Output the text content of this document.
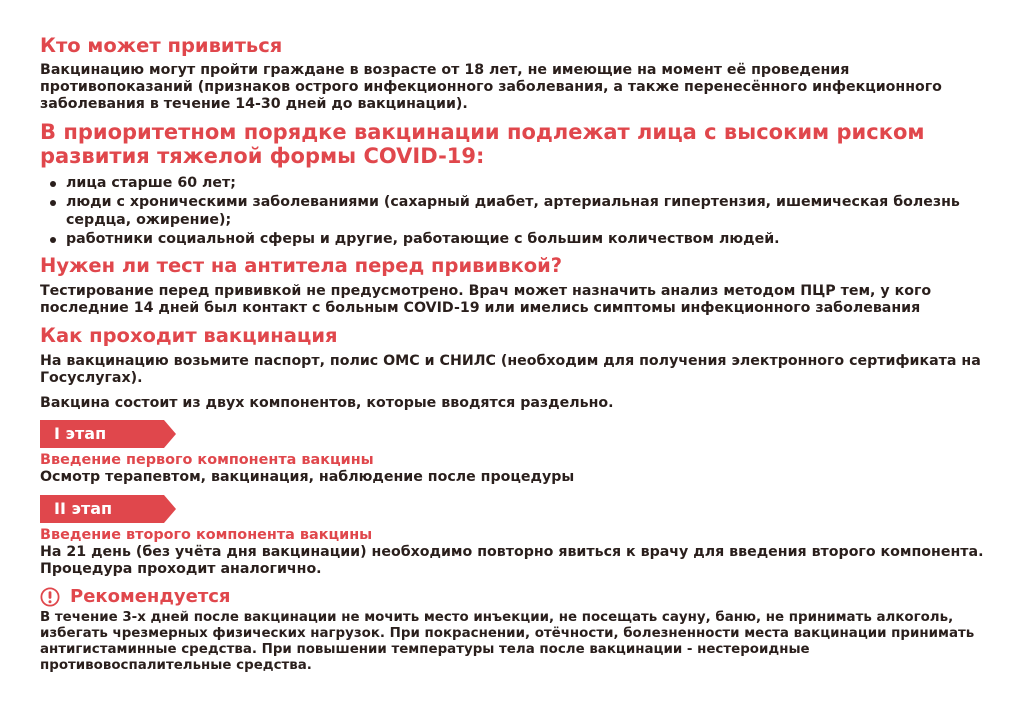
Кто может привиться

Вакцинацию могут пройти граждане в возрасте от 18 лет, не имеющие на момент её проведения противопоказаний (признаков острого инфекционного заболевания, а также перенесённого инфекционного заболевания в течение 14-30 дней до вакцинации).

В приоритетном порядке вакцинации подлежат лица с высоким риском развития тяжелой формы COVID-19:
лица старше 60 лет;
люди с хроническими заболеваниями (сахарный диабет, артериальная гипертензия, ишемическая болезнь сердца, ожирение);
работники социальной сферы и другие, работающие с большим количеством людей.
Нужен ли тест на антитела перед прививкой?

Тестирование перед прививкой не предусмотрено. Врач может назначить анализ методом ПЦР тем, у кого последние 14 дней был контакт с больным COVID-19 или имелись симптомы инфекционного заболевания

Как проходит вакцинация

На вакцинацию возьмите паспорт, полис ОМС и СНИЛС (необходим для получения электронного сертификата на Госуслугах).

Вакцина состоит из двух компонентов, которые вводятся раздельно.

I этап

Введение первого компонента вакцины

Осмотр терапевтом, вакцинация, наблюдение после процедуры

II этап

Введение второго компонента вакцины

На 21 день (без учёта дня вакцинации) необходимо повторно явиться к врачу для введения второго компонента. Процедура проходит аналогично.

Рекомендуется

В течение 3-х дней после вакцинации не мочить место инъекции, не посещать сауну, баню, не принимать алкоголь, избегать чрезмерных физических нагрузок. При покраснении, отёчности, болезненности места вакцинации принимать антигистаминные средства. При повышении температуры тела после вакцинации - нестероидные противовоспалительные средства.
